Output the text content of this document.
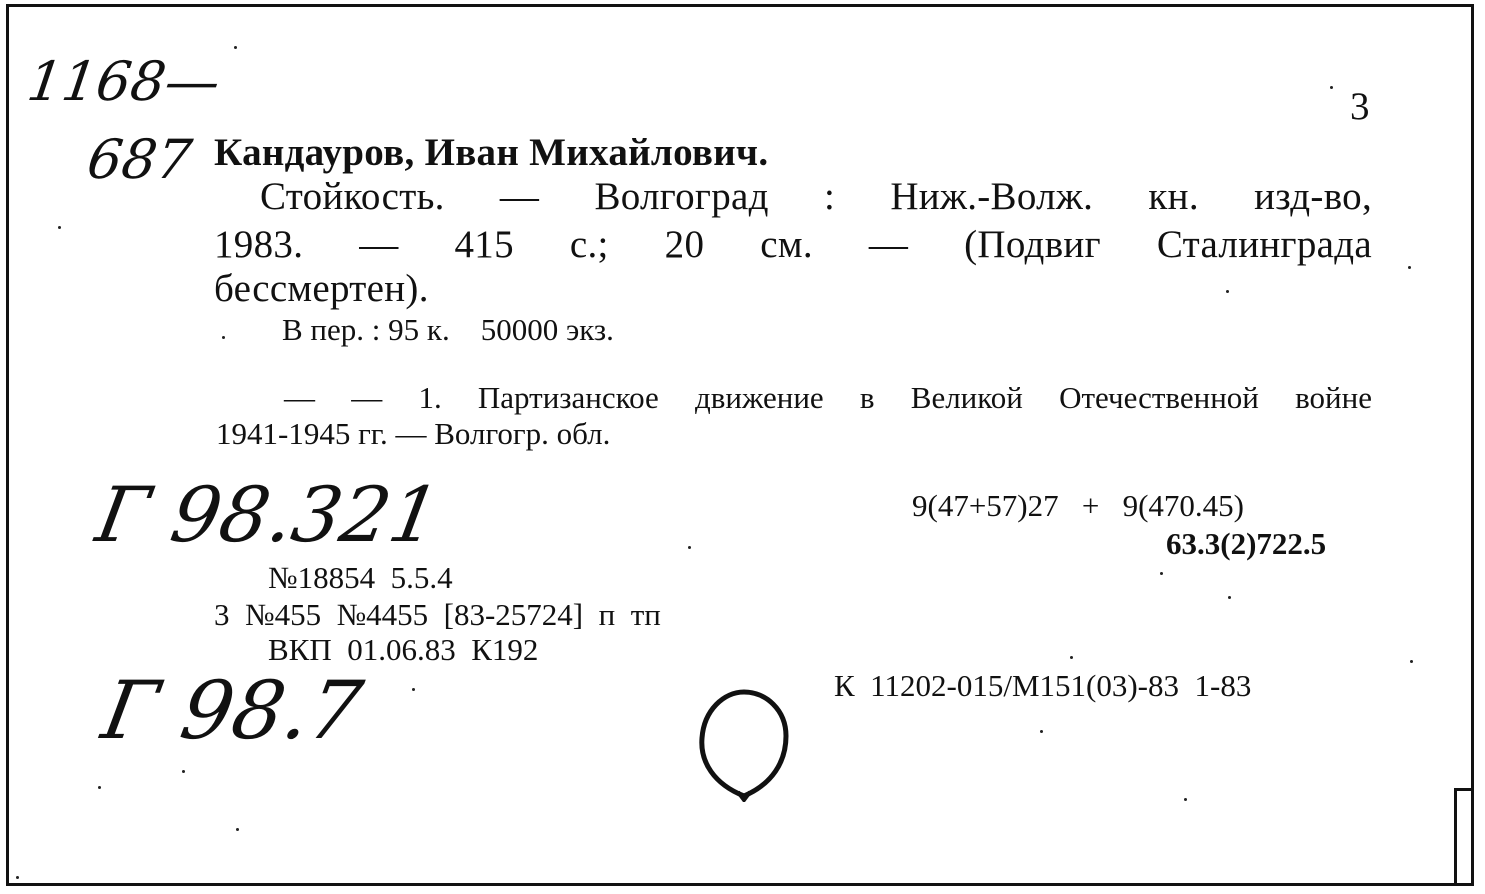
1168—
687
3
Кандауров, Иван Михайлович.
Стойкость. — Волгоград : Ниж.-Волж. кн. изд-во,
1983. — 415 с.; 20 см. — (Подвиг Сталинграда
бессмертен).
В пер. : 95 к.    50000 экз.
— — 1. Партизанское движение в Великой Отечественной войне
1941-1945 гг. — Волгогр. обл.
Г 98.321
Г 98.7
9(47+57)27   +   9(470.45)
63.3(2)722.5
№18854  5.5.4
3  №455  №4455  [83-25724]  п  тп
ВКП  01.06.83  К192
К  11202-015/М151(03)-83  1-83
